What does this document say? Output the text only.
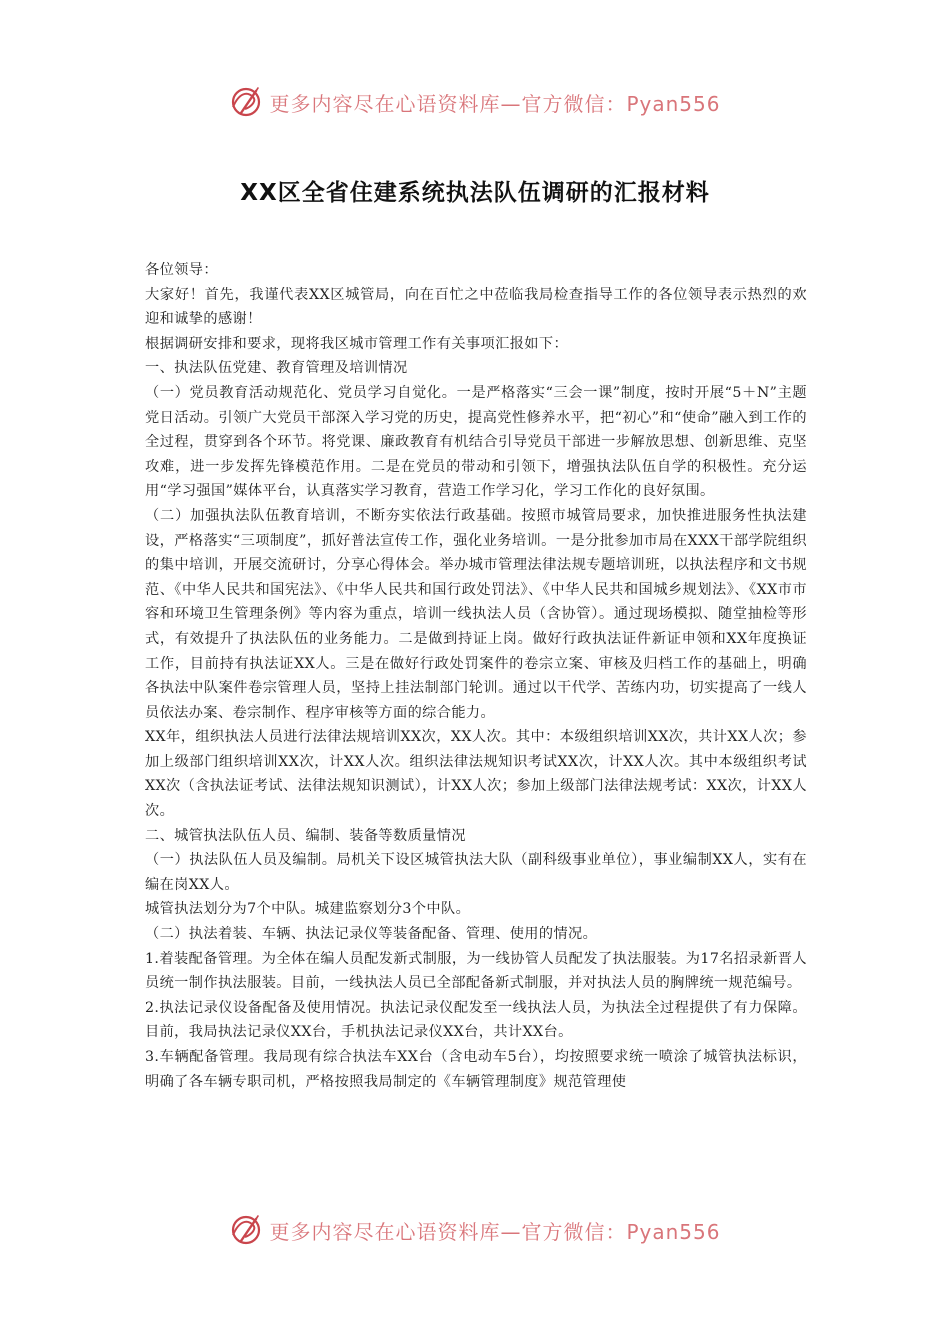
更多内容尽在心语资料库—官方微信：Pyan556
XX区全省住建系统执法队伍调研的汇报材料

各位领导：

大家好！首先，我谨代表XX区城管局，向在百忙之中莅临我局检查指导工作的各位领导表示热烈的欢迎和诚挚的感谢！

根据调研安排和要求，现将我区城市管理工作有关事项汇报如下：

一、执法队伍党建、教育管理及培训情况

（一）党员教育活动规范化、党员学习自觉化。一是严格落实“三会一课”制度，按时开展“5＋N”主题党日活动。引领广大党员干部深入学习党的历史，提高党性修养水平，把“初心”和“使命”融入到工作的全过程，贯穿到各个环节。将党课、廉政教育有机结合引导党员干部进一步解放思想、创新思维、克坚攻难，进一步发挥先锋模范作用。二是在党员的带动和引领下，增强执法队伍自学的积极性。充分运用“学习强国”媒体平台，认真落实学习教育，营造工作学习化，学习工作化的良好氛围。

（二）加强执法队伍教育培训，不断夯实依法行政基础。按照市城管局要求，加快推进服务性执法建设，严格落实“三项制度”，抓好普法宣传工作，强化业务培训。一是分批参加市局在XXX干部学院组织的集中培训，开展交流研讨，分享心得体会。举办城市管理法律法规专题培训班，以执法程序和文书规范、《中华人民共和国宪法》、《中华人民共和国行政处罚法》、《中华人民共和国城乡规划法》、《XX市市容和环境卫生管理条例》等内容为重点，培训一线执法人员（含协管）。通过现场模拟、随堂抽检等形式，有效提升了执法队伍的业务能力。二是做到持证上岗。做好行政执法证件新证申领和XX年度换证工作，目前持有执法证XX人。三是在做好行政处罚案件的卷宗立案、审核及归档工作的基础上，明确各执法中队案件卷宗管理人员，坚持上挂法制部门轮训。通过以干代学、苦练内功，切实提高了一线人员依法办案、卷宗制作、程序审核等方面的综合能力。

XX年，组织执法人员进行法律法规培训XX次，XX人次。其中：本级组织培训XX次，共计XX人次；参加上级部门组织培训XX次，计XX人次。组织法律法规知识考试XX次，计XX人次。其中本级组织考试XX次（含执法证考试、法律法规知识测试），计XX人次；参加上级部门法律法规考试：XX次，计XX人次。

二、城管执法队伍人员、编制、装备等数质量情况

（一）执法队伍人员及编制。局机关下设区城管执法大队（副科级事业单位），事业编制XX人，实有在编在岗XX人。

城管执法划分为7个中队。城建监察划分3个中队。

（二）执法着装、车辆、执法记录仪等装备配备、管理、使用的情况。

1.着装配备管理。为全体在编人员配发新式制服，为一线协管人员配发了执法服装。为17名招录新晋人员统一制作执法服装。目前，一线执法人员已全部配备新式制服，并对执法人员的胸牌统一规范编号。

2.执法记录仪设备配备及使用情况。执法记录仪配发至一线执法人员，为执法全过程提供了有力保障。目前，我局执法记录仪XX台，手机执法记录仪XX台，共计XX台。

3.车辆配备管理。我局现有综合执法车XX台（含电动车5台），均按照要求统一喷涂了城管执法标识，明确了各车辆专职司机，严格按照我局制定的《车辆管理制度》规范管理使

更多内容尽在心语资料库—官方微信：Pyan556
